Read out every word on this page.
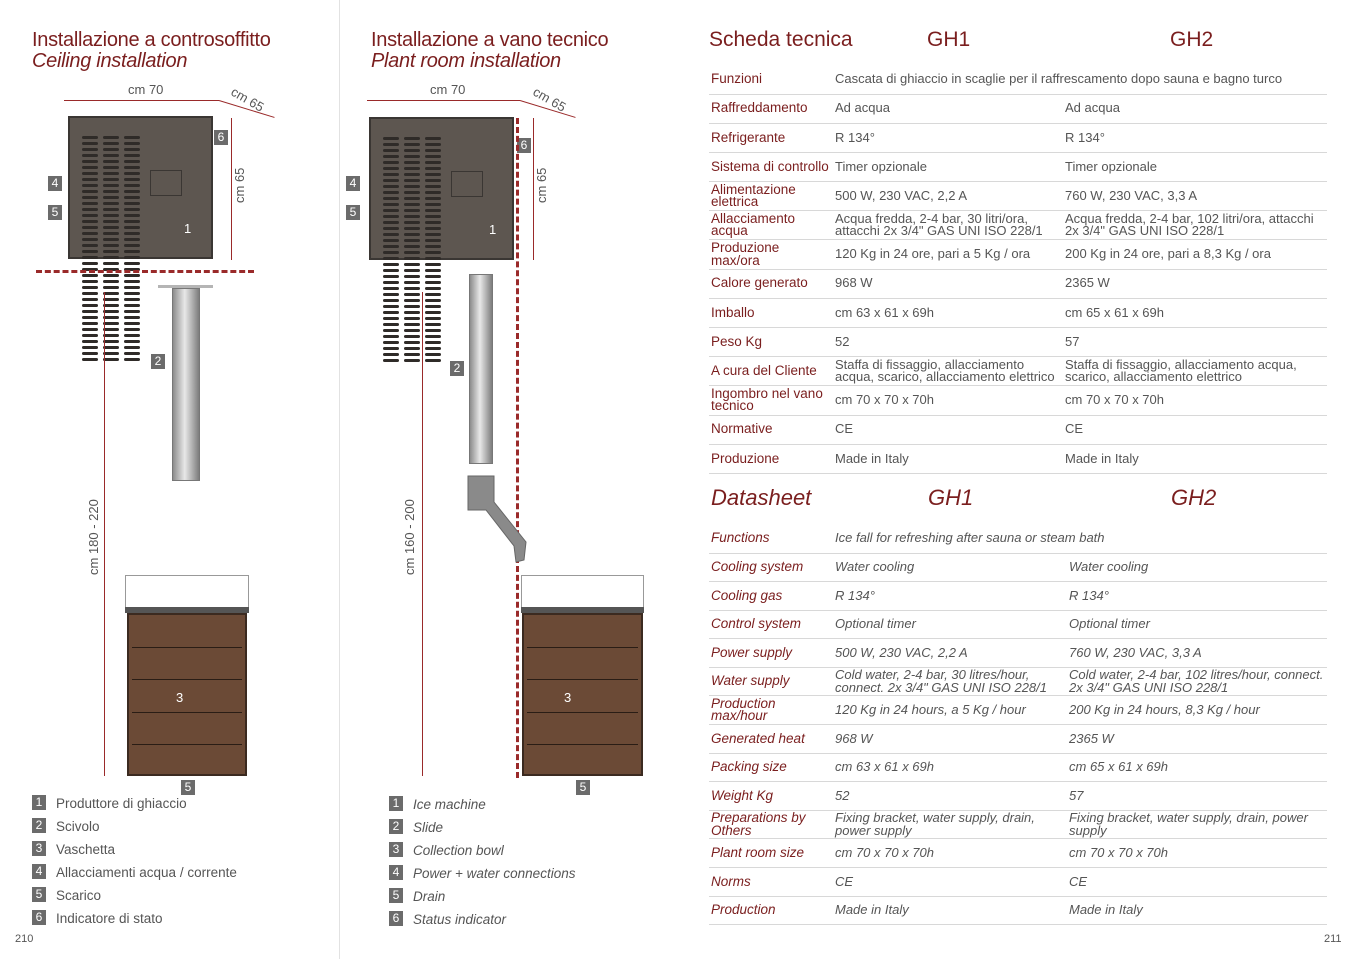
Installazione a controsoffitto
Ceiling installation
cm 70	cm 65
cm 65
1
6
4
5
cm 180 - 220
2
3
5
1 Produttore di ghiaccio
2 Scivolo
3 Vaschetta
4 Allacciamenti acqua / corrente
5 Scarico
6 Indicatore di stato
210
Installazione a vano tecnico
Plant room installation
cm 70	cm 65
cm 65
1
6
4
5
cm 160 - 200
2
3
5
1 Ice machine
2 Slide
3 Collection bowl
4 Power + water connections
5 Drain
6 Status indicator
Scheda tecnica	GH1	GH2
Funzioni	Cascata di ghiaccio in scaglie per il raffrescamento dopo sauna e bagno turco	
Raffreddamento	Ad acqua	Ad acqua
Refrigerante	R 134°	R 134°
Sistema di controllo	Timer opzionale	Timer opzionale
Alimentazione elettrica	500 W, 230 VAC, 2,2 A	760 W, 230 VAC, 3,3 A
Allacciamento acqua	Acqua fredda, 2-4 bar, 30 litri/ora, attacchi 2x 3/4" GAS UNI ISO 228/1	Acqua fredda, 2-4 bar, 102 litri/ora, attacchi 2x 3/4" GAS UNI ISO 228/1
Produzione max/ora	120 Kg in 24 ore, pari a 5 Kg / ora	200 Kg in 24 ore, pari a 8,3 Kg / ora
Calore generato	968 W	2365 W
Imballo	cm 63 x 61 x 69h	cm 65 x 61 x 69h
Peso Kg	52	57
A cura del Cliente	Staffa di fissaggio, allacciamento acqua, scarico, allacciamento elettrico	Staffa di fissaggio, allacciamento acqua, scarico, allacciamento elettrico
Ingombro nel vano tecnico	cm 70 x 70 x 70h	cm 70 x 70 x 70h
Normative	CE	CE
Produzione	Made in Italy	Made in Italy
Datasheet	GH1	GH2
Functions	Ice fall for refreshing after sauna or steam bath	
Cooling system	Water cooling	Water cooling
Cooling gas	R 134°	R 134°
Control system	Optional timer	Optional timer
Power supply	500 W, 230 VAC, 2,2 A	760 W, 230 VAC, 3,3 A
Water supply	Cold water, 2-4 bar, 30 litres/hour, connect. 2x 3/4" GAS UNI ISO 228/1	Cold water, 2-4 bar, 102 litres/hour, connect. 2x 3/4" GAS UNI ISO 228/1
Production max/hour	120 Kg in 24 hours, a 5 Kg / hour	200 Kg in 24 hours, 8,3 Kg / hour
Generated heat	968 W	2365 W
Packing size	cm 63 x 61 x 69h	cm 65 x 61 x 69h
Weight Kg	52	57
Preparations by Others	Fixing bracket, water supply, drain, power supply	Fixing bracket, water supply, drain, power supply
Plant room size	cm 70 x 70 x 70h	cm 70 x 70 x 70h
Norms	CE	CE
Production	Made in Italy	Made in Italy
211
